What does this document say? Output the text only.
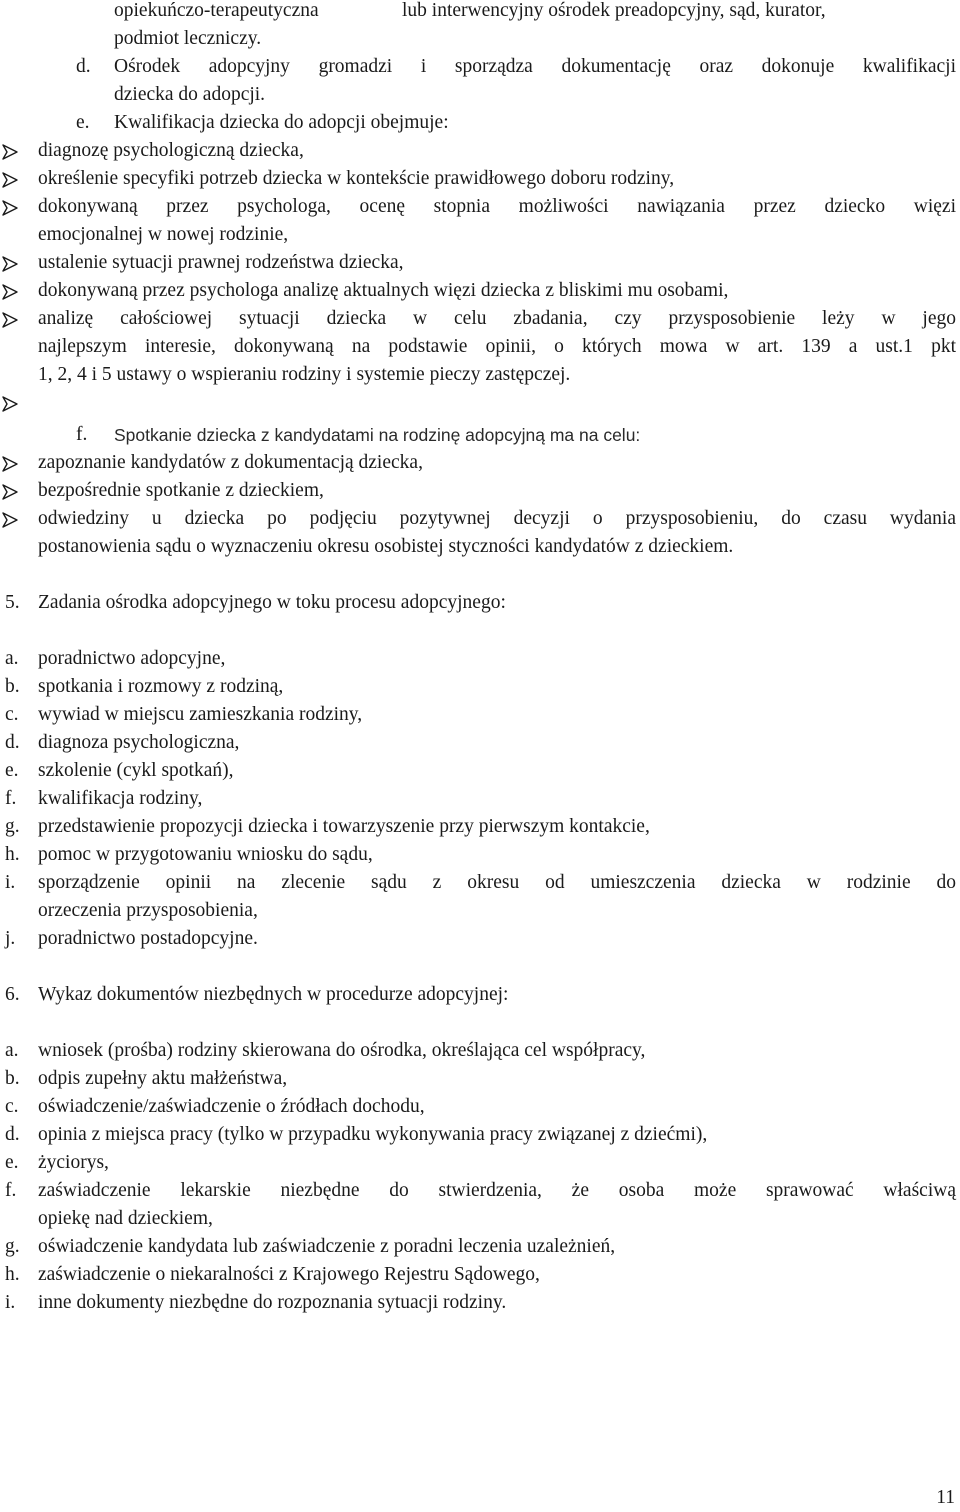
opiekuńczo-terapeutyczna	lub interwencyjny ośrodek preadopcyjny, sąd, kurator,

podmiot leczniczy.

d. Ośrodek adopcyjny gromadzi i sporządza dokumentację oraz dokonuje kwalifikacji

dziecka do adopcji.

e. Kwalifikacja dziecka do adopcji obejmuje:

diagnozę psychologiczną dziecka,

określenie specyfiki potrzeb dziecka w kontekście prawidłowego doboru rodziny,

dokonywaną przez psychologa, ocenę stopnia możliwości nawiązania przez dziecko więzi

emocjonalnej w nowej rodzinie,

ustalenie sytuacji prawnej rodzeństwa dziecka,

dokonywaną przez psychologa analizę aktualnych więzi dziecka z bliskimi mu osobami,

analizę całościowej sytuacji dziecka w celu zbadania, czy przysposobienie leży w jego

najlepszym interesie, dokonywaną na podstawie opinii, o których mowa w art. 139 a ust.1 pkt

1, 2, 4 i 5 ustawy o wspieraniu rodziny i systemie pieczy zastępczej.

f. Spotkanie dziecka z kandydatami na rodzinę adopcyjną ma na celu:

zapoznanie kandydatów z dokumentacją dziecka,

bezpośrednie spotkanie z dzieckiem,

odwiedziny u dziecka po podjęciu pozytywnej decyzji o przysposobieniu, do czasu wydania

postanowienia sądu o wyznaczeniu okresu osobistej styczności kandydatów z dzieckiem.

5. Zadania ośrodka adopcyjnego w toku procesu adopcyjnego:

a. poradnictwo adopcyjne,

b. spotkania i rozmowy z rodziną,

c. wywiad w miejscu zamieszkania rodziny,

d. diagnoza psychologiczna,

e. szkolenie (cykl spotkań),

f. kwalifikacja rodziny,

g. przedstawienie propozycji dziecka i towarzyszenie przy pierwszym kontakcie,

h. pomoc w przygotowaniu wniosku do sądu,

i. sporządzenie opinii na zlecenie sądu z okresu od umieszczenia dziecka w rodzinie do

orzeczenia przysposobienia,

j. poradnictwo postadopcyjne.

6. Wykaz dokumentów niezbędnych w procedurze adopcyjnej:

a. wniosek (prośba) rodziny skierowana do ośrodka, określająca cel współpracy,

b. odpis zupełny aktu małżeństwa,

c. oświadczenie/zaświadczenie o źródłach dochodu,

d. opinia z miejsca pracy (tylko w przypadku wykonywania pracy związanej z dziećmi),

e. życiorys,

f. zaświadczenie lekarskie niezbędne do stwierdzenia, że osoba może sprawować właściwą

opiekę nad dzieckiem,

g. oświadczenie kandydata lub zaświadczenie z poradni leczenia uzależnień,

h. zaświadczenie o niekaralności z Krajowego Rejestru Sądowego,

i. inne dokumenty niezbędne do rozpoznania sytuacji rodziny.

11
